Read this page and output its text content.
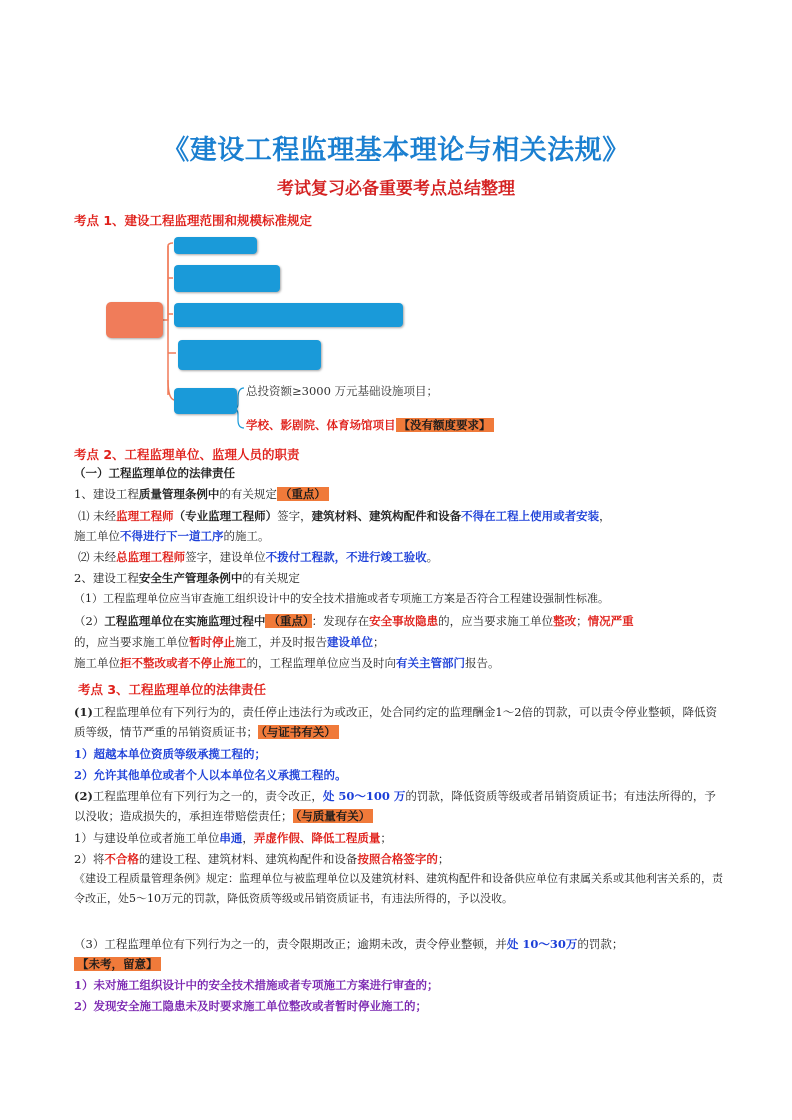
《建设工程监理基本理论与相关法规》
考试复习必备重要考点总结整理
考点 1、建设工程监理范围和规模标准规定
总投资额≥3000 万元基础设施项目；
学校、影剧院、体育场馆项目 【没有额度要求】
考点 2、工程监理单位、监理人员的职责
（一）工程监理单位的法律责任
1、建设工程质量管理条例中的有关规定 （重点）
⑴ 未经监理工程师（专业监理工程师）签字，建筑材料、建筑构配件和设备不得在工程上使用或者安装，
施工单位不得进行下一道工序的施工。
⑵ 未经总监理工程师签字，建设单位不拨付工程款，不进行竣工验收。
2、建设工程安全生产管理条例中的有关规定
（1）工程监理单位应当审查施工组织设计中的安全技术措施或者专项施工方案是否符合工程建设强制性标准。
（2）工程监理单位在实施监理过程中 （重点） ：发现存在安全事故隐患的，应当要求施工单位整改；情况严重
的，应当要求施工单位暂时停止施工，并及时报告建设单位；
施工单位拒不整改或者不停止施工的，工程监理单位应当及时向有关主管部门报告。
考点 3、工程监理单位的法律责任
(1)工程监理单位有下列行为的，责任停止违法行为或改正，处合同约定的监理酬金1～2倍的罚款，可以责令停业整顿，降低资质等级，情节严重的吊销资质证书； （与证书有关）
1）超越本单位资质等级承揽工程的；
2）允许其他单位或者个人以本单位名义承揽工程的。
(2)工程监理单位有下列行为之一的，责令改正，处 50～100 万的罚款，降低资质等级或者吊销资质证书；有违法所得的，予以没收；造成损失的，承担连带赔偿责任； （与质量有关）
1）与建设单位或者施工单位串通，弄虚作假、降低工程质量；
2）将不合格的建设工程、建筑材料、建筑构配件和设备按照合格签字的；
《建设工程质量管理条例》规定：监理单位与被监理单位以及建筑材料、建筑构配件和设备供应单位有隶属关系或其他利害关系的，责令改正，处5～10万元的罚款，降低资质等级或吊销资质证书，有违法所得的，予以没收。
（3）工程监理单位有下列行为之一的，责令限期改正；逾期未改，责令停业整顿，并处 10～30万的罚款；
【未考，留意】
1）未对施工组织设计中的安全技术措施或者专项施工方案进行审查的；
2）发现安全施工隐患未及时要求施工单位整改或者暂时停业施工的；
